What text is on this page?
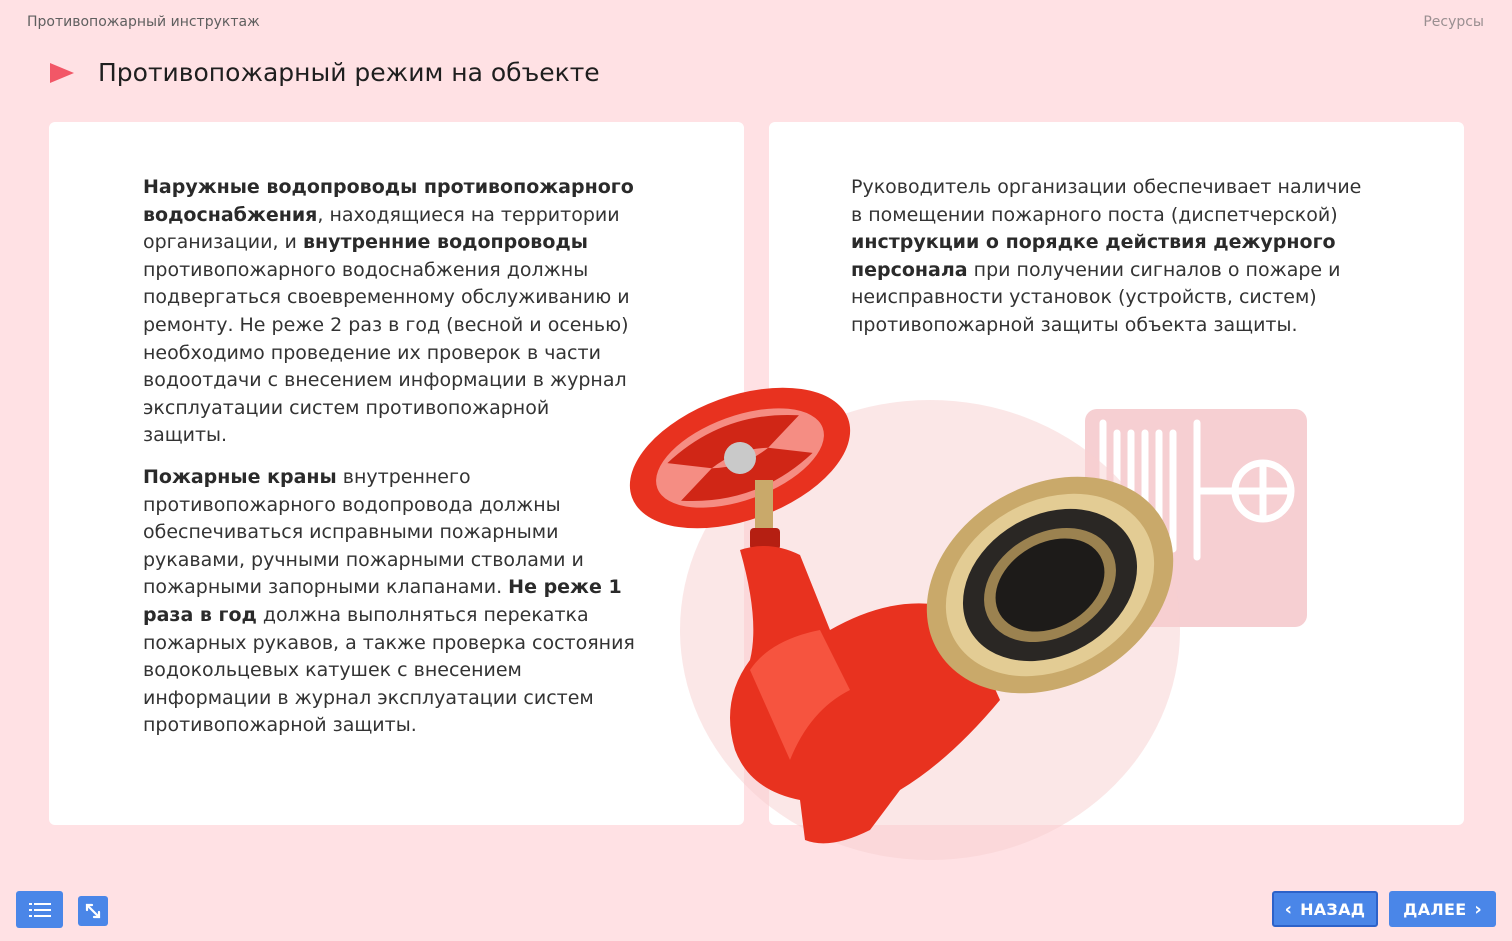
Противопожарный инструктаж	Ресурсы
Противопожарный режим на объекте

Наружные водопроводы противопожарного водоснабжения, находящиеся на территории организации, и внутренние водопроводы противопожарного водоснабжения должны подвергаться своевременному обслуживанию и ремонту. Не реже 2 раз в год (весной и осенью) необходимо проведение их проверок в части водоотдачи с внесением информации в журнал эксплуатации систем противопожарной защиты.

Пожарные краны внутреннего противопожарного водопровода должны обеспечиваться исправными пожарными рукавами, ручными пожарными стволами и пожарными запорными клапанами. Не реже 1 раза в год должна выполняться перекатка пожарных рукавов, а также проверка состояния водокольцевых катушек с внесением информации в журнал эксплуатации систем противопожарной защиты.

Руководитель организации обеспечивает наличие в помещении пожарного поста (диспетчерской) инструкции о порядке действия дежурного персонала при получении сигналов о пожаре и неисправности установок (устройств, систем) противопожарной защиты объекта защиты.

‹ НАЗАД ДАЛЕЕ ›
